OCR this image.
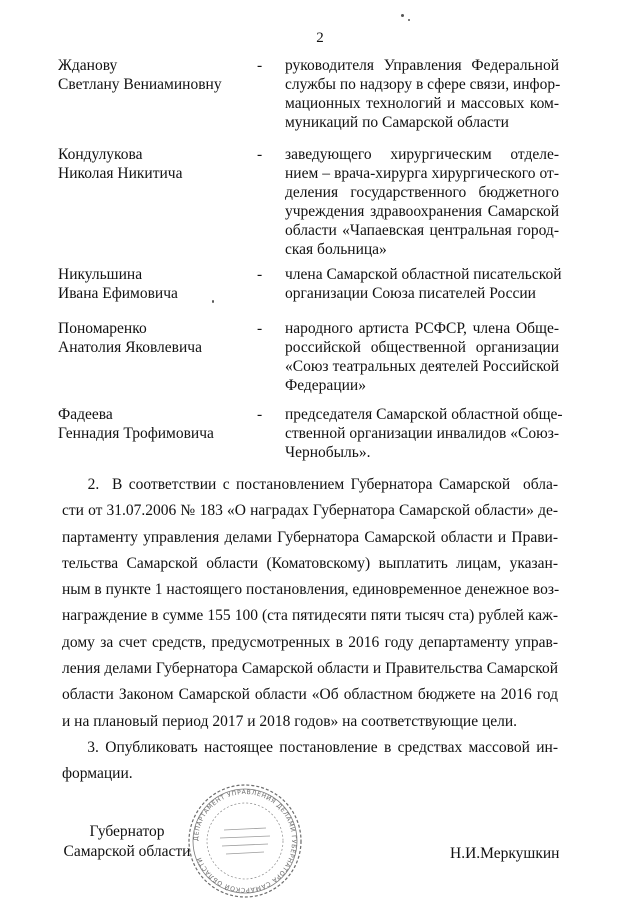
2
Жданову
Светлану Вениаминовну
- руководителя Управления Федеральной
службы по надзору в сфере связи, инфор-
мационных технологий и массовых ком-
муникаций по Самарской области
Кондулукова
Николая Никитича
- заведующего хирургическим отделе-
нием – врача-хирурга хирургического от-
деления государственного бюджетного
учреждения здравоохранения Самарской
области «Чапаевская центральная город-
ская больница»
Никульшина
Ивана Ефимовича
- члена Самарской областной писательской
организации Союза писателей России
Пономаренко
Анатолия Яковлевича
- народного артиста РСФСР, члена Обще-
российской общественной организации
«Союз театральных деятелей Российской
Федерации»
Фадеева
Геннадия Трофимовича
- председателя Самарской областной обще-
ственной организации инвалидов «Союз-
Чернобыль».

2.  В соответствии с постановлением Губернатора Самарской  обла-
сти от 31.07.2006 № 183 «О наградах Губернатора Самарской области» де-
партаменту управления делами Губернатора Самарской области и Прави-
тельства Самарской области (Коматовскому) выплатить лицам, указан-
ным в пункте 1 настоящего постановления, единовременное денежное воз-
награждение в сумме 155 100 (ста пятидесяти пяти тысяч ста) рублей каж-
дому за счет средств, предусмотренных в 2016 году департаменту управ-
ления делами Губернатора Самарской области и Правительства Самарской
области Законом Самарской области «Об областном бюджете на 2016 год
и на плановый период 2017 и 2018 годов» на соответствующие цели.

3. Опубликовать настоящее постановление в средствах массовой ин-
формации.

Губернатор
Самарской области	Н.И.Меркушкин
ДЕПАРТАМЕНТ УПРАВЛЕНИЯ ДЕЛАМИ ГУБЕРНАТОРА САМАРСКОЙ ОБЛАСТИ
